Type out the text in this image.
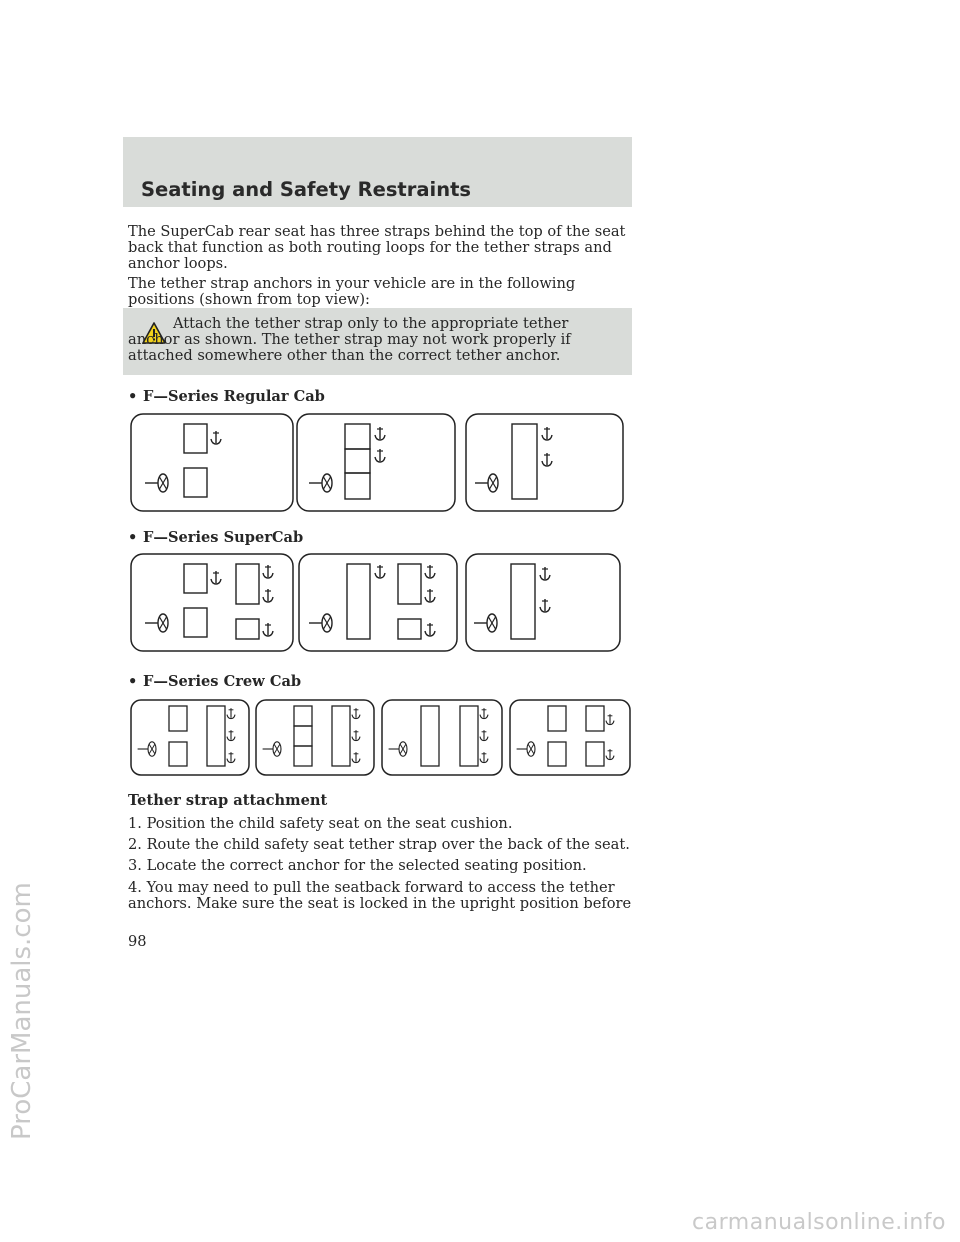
Seating and Safety Restraints

The SuperCab rear seat has three straps behind the top of the seat back that function as both routing loops for the tether straps and anchor loops.

The tether strap anchors in your vehicle are in the following positions (shown from top view):

Attach the tether strap only to the appropriate tether anchor as shown. The tether strap may not work properly if attached somewhere other than the correct tether anchor.
• F—Series Regular Cab
• F—Series SuperCab
• F—Series Crew Cab
Tether strap attachment
1. Position the child safety seat on the seat cushion.
2. Route the child safety seat tether strap over the back of the seat.
3. Locate the correct anchor for the selected seating position.
4. You may need to pull the seatback forward to access the tether anchors. Make sure the seat is locked in the upright position before
98
ProCarManuals.com
carmanualsonline.info
